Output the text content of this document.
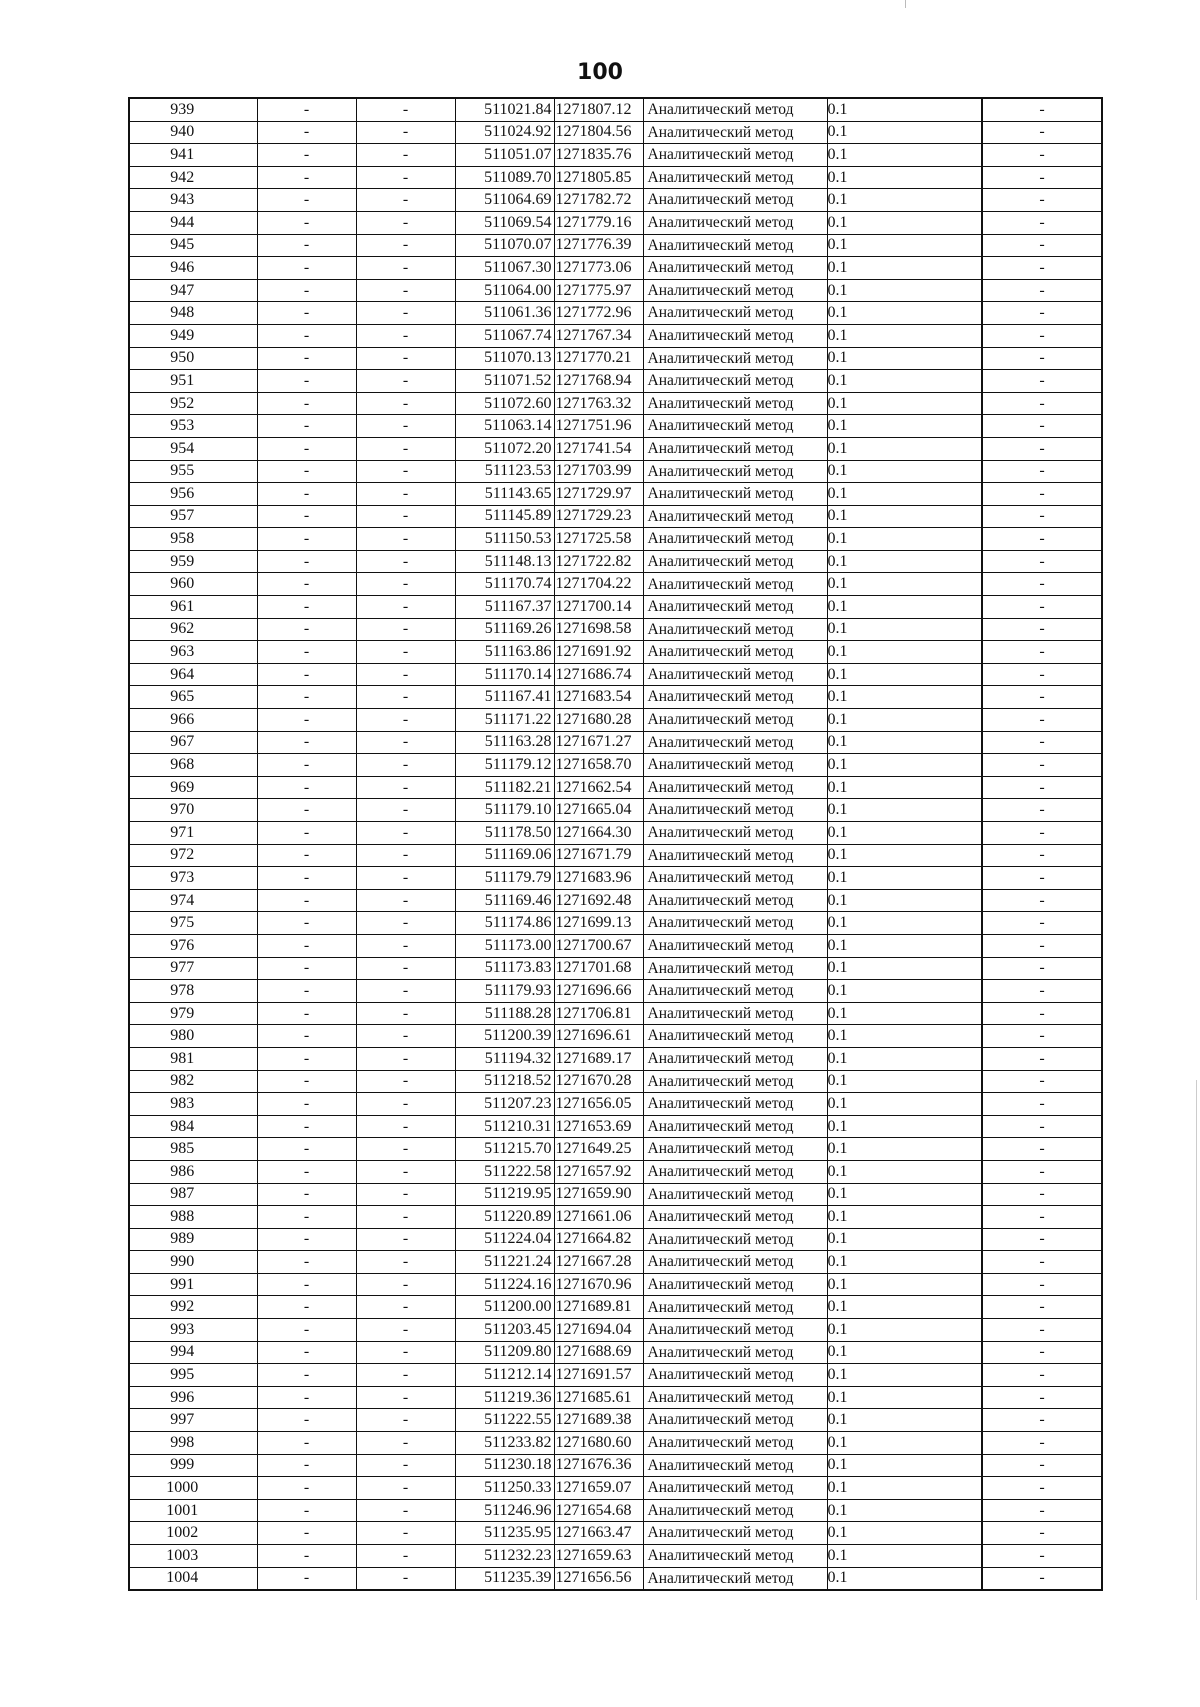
100
939	-	-	511021.84	1271807.12	Аналитический метод	0.1	-
940	-	-	511024.92	1271804.56	Аналитический метод	0.1	-
941	-	-	511051.07	1271835.76	Аналитический метод	0.1	-
942	-	-	511089.70	1271805.85	Аналитический метод	0.1	-
943	-	-	511064.69	1271782.72	Аналитический метод	0.1	-
944	-	-	511069.54	1271779.16	Аналитический метод	0.1	-
945	-	-	511070.07	1271776.39	Аналитический метод	0.1	-
946	-	-	511067.30	1271773.06	Аналитический метод	0.1	-
947	-	-	511064.00	1271775.97	Аналитический метод	0.1	-
948	-	-	511061.36	1271772.96	Аналитический метод	0.1	-
949	-	-	511067.74	1271767.34	Аналитический метод	0.1	-
950	-	-	511070.13	1271770.21	Аналитический метод	0.1	-
951	-	-	511071.52	1271768.94	Аналитический метод	0.1	-
952	-	-	511072.60	1271763.32	Аналитический метод	0.1	-
953	-	-	511063.14	1271751.96	Аналитический метод	0.1	-
954	-	-	511072.20	1271741.54	Аналитический метод	0.1	-
955	-	-	511123.53	1271703.99	Аналитический метод	0.1	-
956	-	-	511143.65	1271729.97	Аналитический метод	0.1	-
957	-	-	511145.89	1271729.23	Аналитический метод	0.1	-
958	-	-	511150.53	1271725.58	Аналитический метод	0.1	-
959	-	-	511148.13	1271722.82	Аналитический метод	0.1	-
960	-	-	511170.74	1271704.22	Аналитический метод	0.1	-
961	-	-	511167.37	1271700.14	Аналитический метод	0.1	-
962	-	-	511169.26	1271698.58	Аналитический метод	0.1	-
963	-	-	511163.86	1271691.92	Аналитический метод	0.1	-
964	-	-	511170.14	1271686.74	Аналитический метод	0.1	-
965	-	-	511167.41	1271683.54	Аналитический метод	0.1	-
966	-	-	511171.22	1271680.28	Аналитический метод	0.1	-
967	-	-	511163.28	1271671.27	Аналитический метод	0.1	-
968	-	-	511179.12	1271658.70	Аналитический метод	0.1	-
969	-	-	511182.21	1271662.54	Аналитический метод	0.1	-
970	-	-	511179.10	1271665.04	Аналитический метод	0.1	-
971	-	-	511178.50	1271664.30	Аналитический метод	0.1	-
972	-	-	511169.06	1271671.79	Аналитический метод	0.1	-
973	-	-	511179.79	1271683.96	Аналитический метод	0.1	-
974	-	-	511169.46	1271692.48	Аналитический метод	0.1	-
975	-	-	511174.86	1271699.13	Аналитический метод	0.1	-
976	-	-	511173.00	1271700.67	Аналитический метод	0.1	-
977	-	-	511173.83	1271701.68	Аналитический метод	0.1	-
978	-	-	511179.93	1271696.66	Аналитический метод	0.1	-
979	-	-	511188.28	1271706.81	Аналитический метод	0.1	-
980	-	-	511200.39	1271696.61	Аналитический метод	0.1	-
981	-	-	511194.32	1271689.17	Аналитический метод	0.1	-
982	-	-	511218.52	1271670.28	Аналитический метод	0.1	-
983	-	-	511207.23	1271656.05	Аналитический метод	0.1	-
984	-	-	511210.31	1271653.69	Аналитический метод	0.1	-
985	-	-	511215.70	1271649.25	Аналитический метод	0.1	-
986	-	-	511222.58	1271657.92	Аналитический метод	0.1	-
987	-	-	511219.95	1271659.90	Аналитический метод	0.1	-
988	-	-	511220.89	1271661.06	Аналитический метод	0.1	-
989	-	-	511224.04	1271664.82	Аналитический метод	0.1	-
990	-	-	511221.24	1271667.28	Аналитический метод	0.1	-
991	-	-	511224.16	1271670.96	Аналитический метод	0.1	-
992	-	-	511200.00	1271689.81	Аналитический метод	0.1	-
993	-	-	511203.45	1271694.04	Аналитический метод	0.1	-
994	-	-	511209.80	1271688.69	Аналитический метод	0.1	-
995	-	-	511212.14	1271691.57	Аналитический метод	0.1	-
996	-	-	511219.36	1271685.61	Аналитический метод	0.1	-
997	-	-	511222.55	1271689.38	Аналитический метод	0.1	-
998	-	-	511233.82	1271680.60	Аналитический метод	0.1	-
999	-	-	511230.18	1271676.36	Аналитический метод	0.1	-
1000	-	-	511250.33	1271659.07	Аналитический метод	0.1	-
1001	-	-	511246.96	1271654.68	Аналитический метод	0.1	-
1002	-	-	511235.95	1271663.47	Аналитический метод	0.1	-
1003	-	-	511232.23	1271659.63	Аналитический метод	0.1	-
1004	-	-	511235.39	1271656.56	Аналитический метод	0.1	-
